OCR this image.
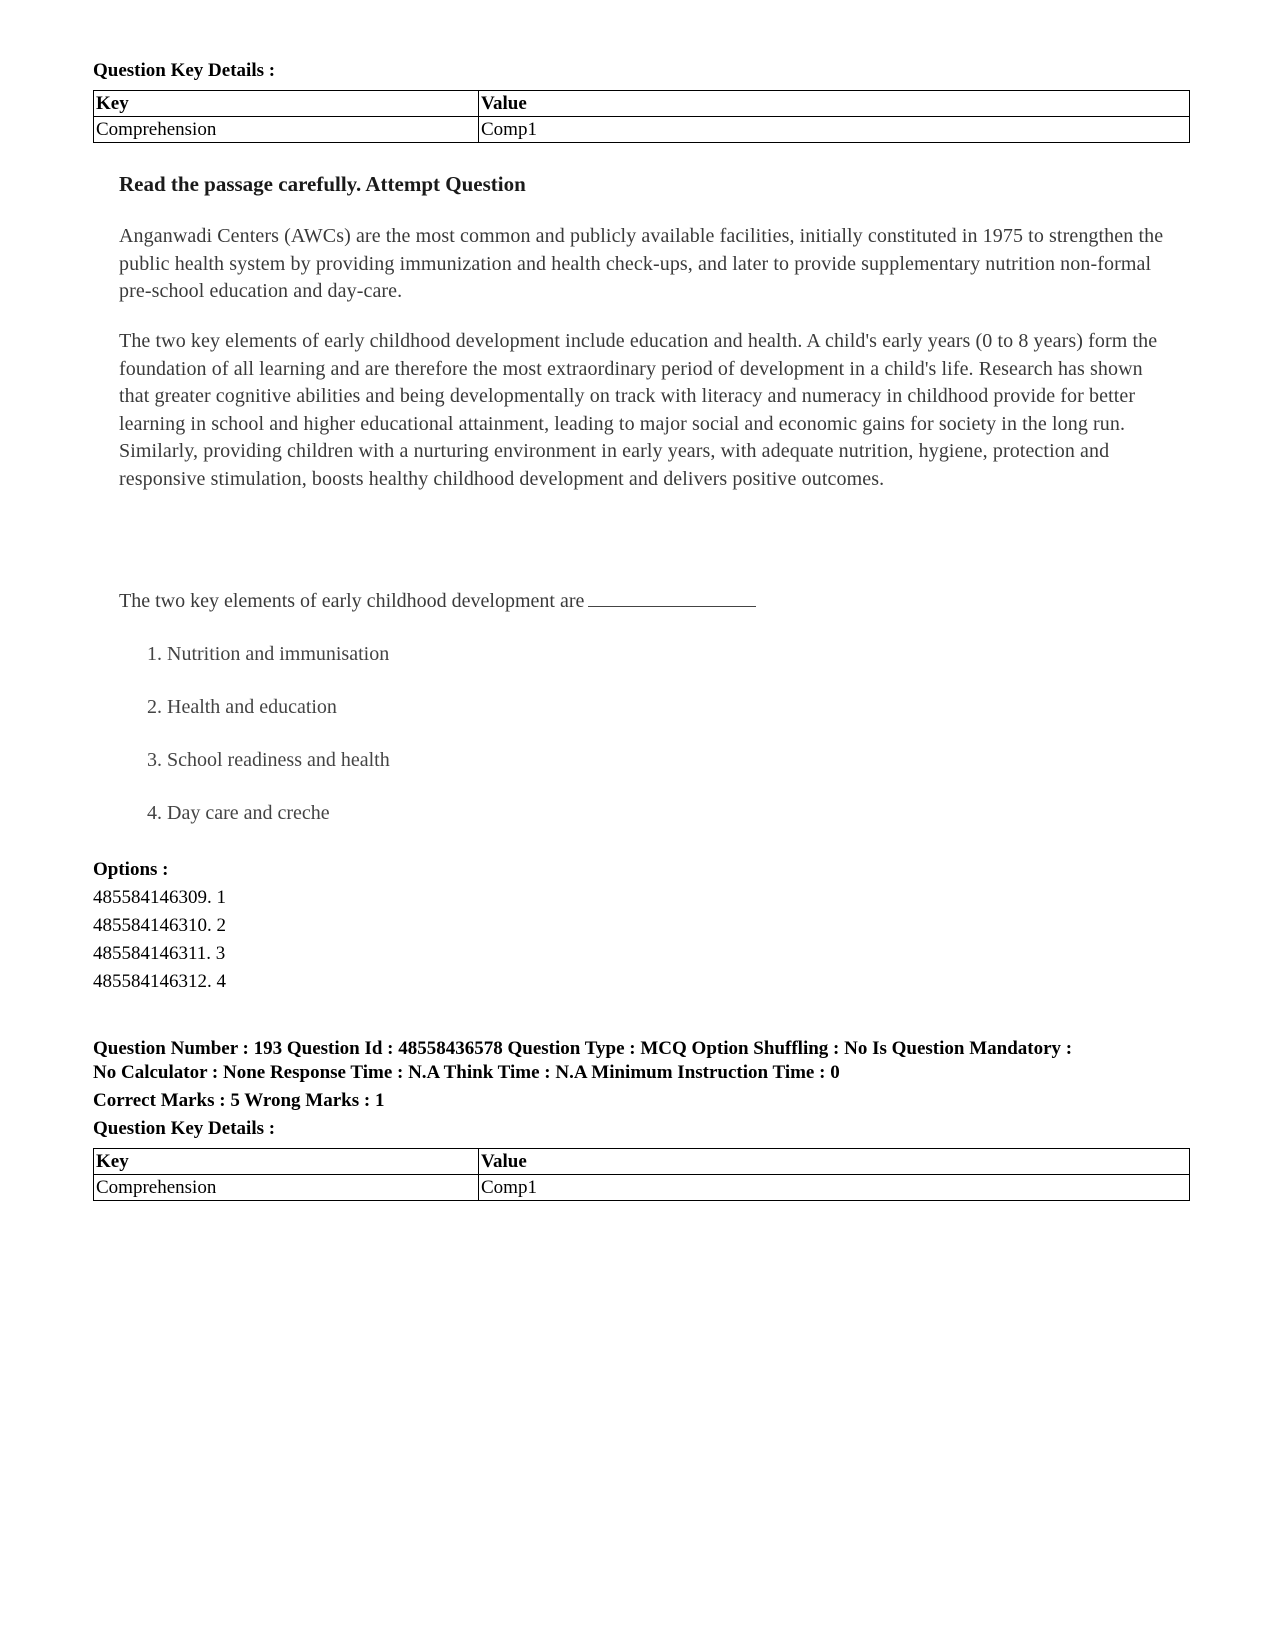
Question Key Details :
Key	Value
Comprehension	Comp1
Read the passage carefully. Attempt Question
Anganwadi Centers (AWCs) are the most common and publicly available facilities, initially constituted in 1975 to strengthen the public health system by providing immunization and health check-ups, and later to provide supplementary nutrition non-formal pre-school education and day-care.
The two key elements of early childhood development include education and health. A child's early years (0 to 8 years) form the foundation of all learning and are therefore the most extraordinary period of development in a child's life. Research has shown that greater cognitive abilities and being developmentally on track with literacy and numeracy in childhood provide for better learning in school and higher educational attainment, leading to major social and economic gains for society in the long run. Similarly, providing children with a nurturing environment in early years, with adequate nutrition, hygiene, protection and responsive stimulation, boosts healthy childhood development and delivers positive outcomes.
The two key elements of early childhood development are
1. Nutrition and immunisation
2. Health and education
3. School readiness and health
4. Day care and creche
Options :
485584146309. 1
485584146310. 2
485584146311. 3
485584146312. 4
Question Number : 193 Question Id : 48558436578 Question Type : MCQ Option Shuffling : No Is Question Mandatory :
No Calculator : None Response Time : N.A Think Time : N.A Minimum Instruction Time : 0
Correct Marks : 5 Wrong Marks : 1
Question Key Details :
Key	Value
Comprehension	Comp1
